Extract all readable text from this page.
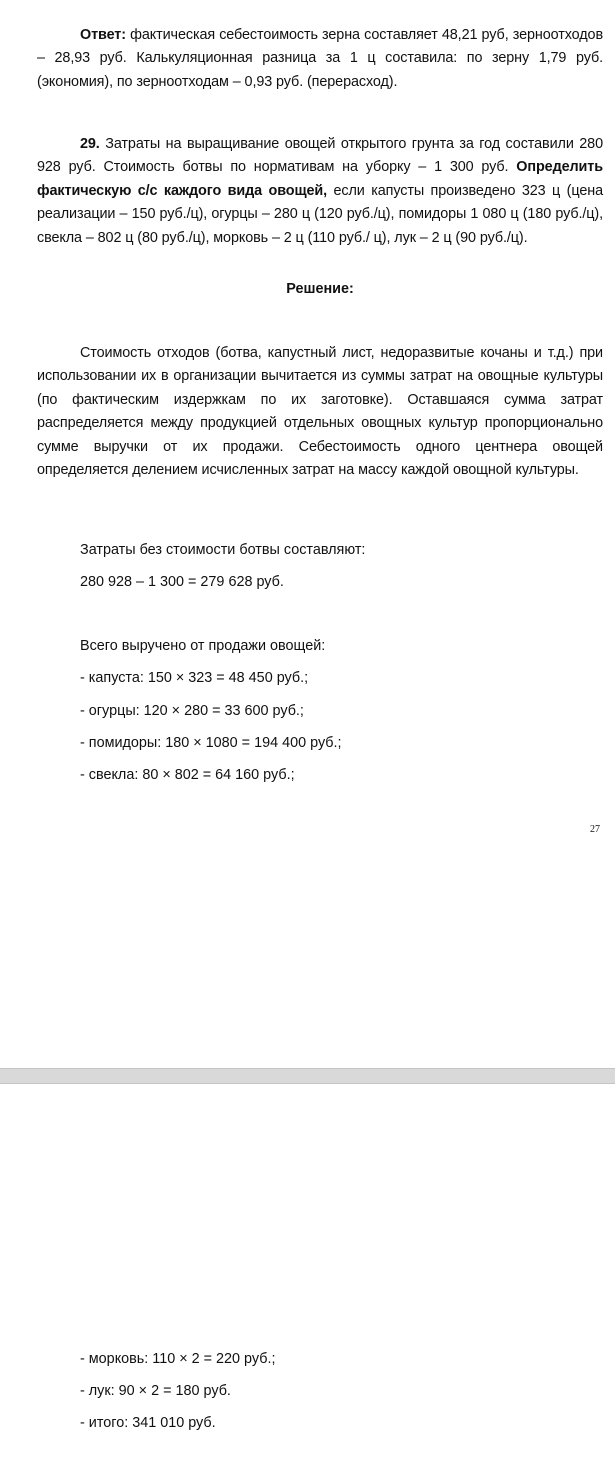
Ответ: фактическая себестоимость зерна составляет 48,21 руб, зерноотходов – 28,93 руб. Калькуляционная разница за 1 ц составила: по зерну 1,79 руб. (экономия), по зерноотходам – 0,93 руб. (перерасход).
29. Затраты на выращивание овощей открытого грунта за год составили 280 928 руб. Стоимость ботвы по нормативам на уборку – 1 300 руб. Определить фактическую с/с каждого вида овощей, если капусты произведено 323 ц (цена реализации – 150 руб./ц), огурцы – 280 ц (120 руб./ц), помидоры 1 080 ц (180 руб./ц), свекла – 802 ц (80 руб./ц), морковь – 2 ц (110 руб./ ц), лук – 2 ц (90 руб./ц).
Решение:
Стоимость отходов (ботва, капустный лист, недоразвитые кочаны и т.д.) при использовании их в организации вычитается из суммы затрат на овощные культуры (по фактическим издержкам по их заготовке). Оставшаяся сумма затрат распределяется между продукцией отдельных овощных культур пропорционально сумме выручки от их продажи. Себестоимость одного центнера овощей определяется делением исчисленных затрат на массу каждой овощной культуры.
Затраты без стоимости ботвы составляют:
280 928 – 1 300 = 279 628 руб.
Всего выручено от продажи овощей:
- капуста: 150 × 323 = 48 450 руб.;
- огурцы: 120 × 280 = 33 600 руб.;
- помидоры: 180 × 1080 = 194 400 руб.;
- свекла: 80 × 802 = 64 160 руб.;
27
- морковь: 110 × 2 = 220 руб.;
- лук: 90 × 2 = 180 руб.
- итого: 341 010 руб.
